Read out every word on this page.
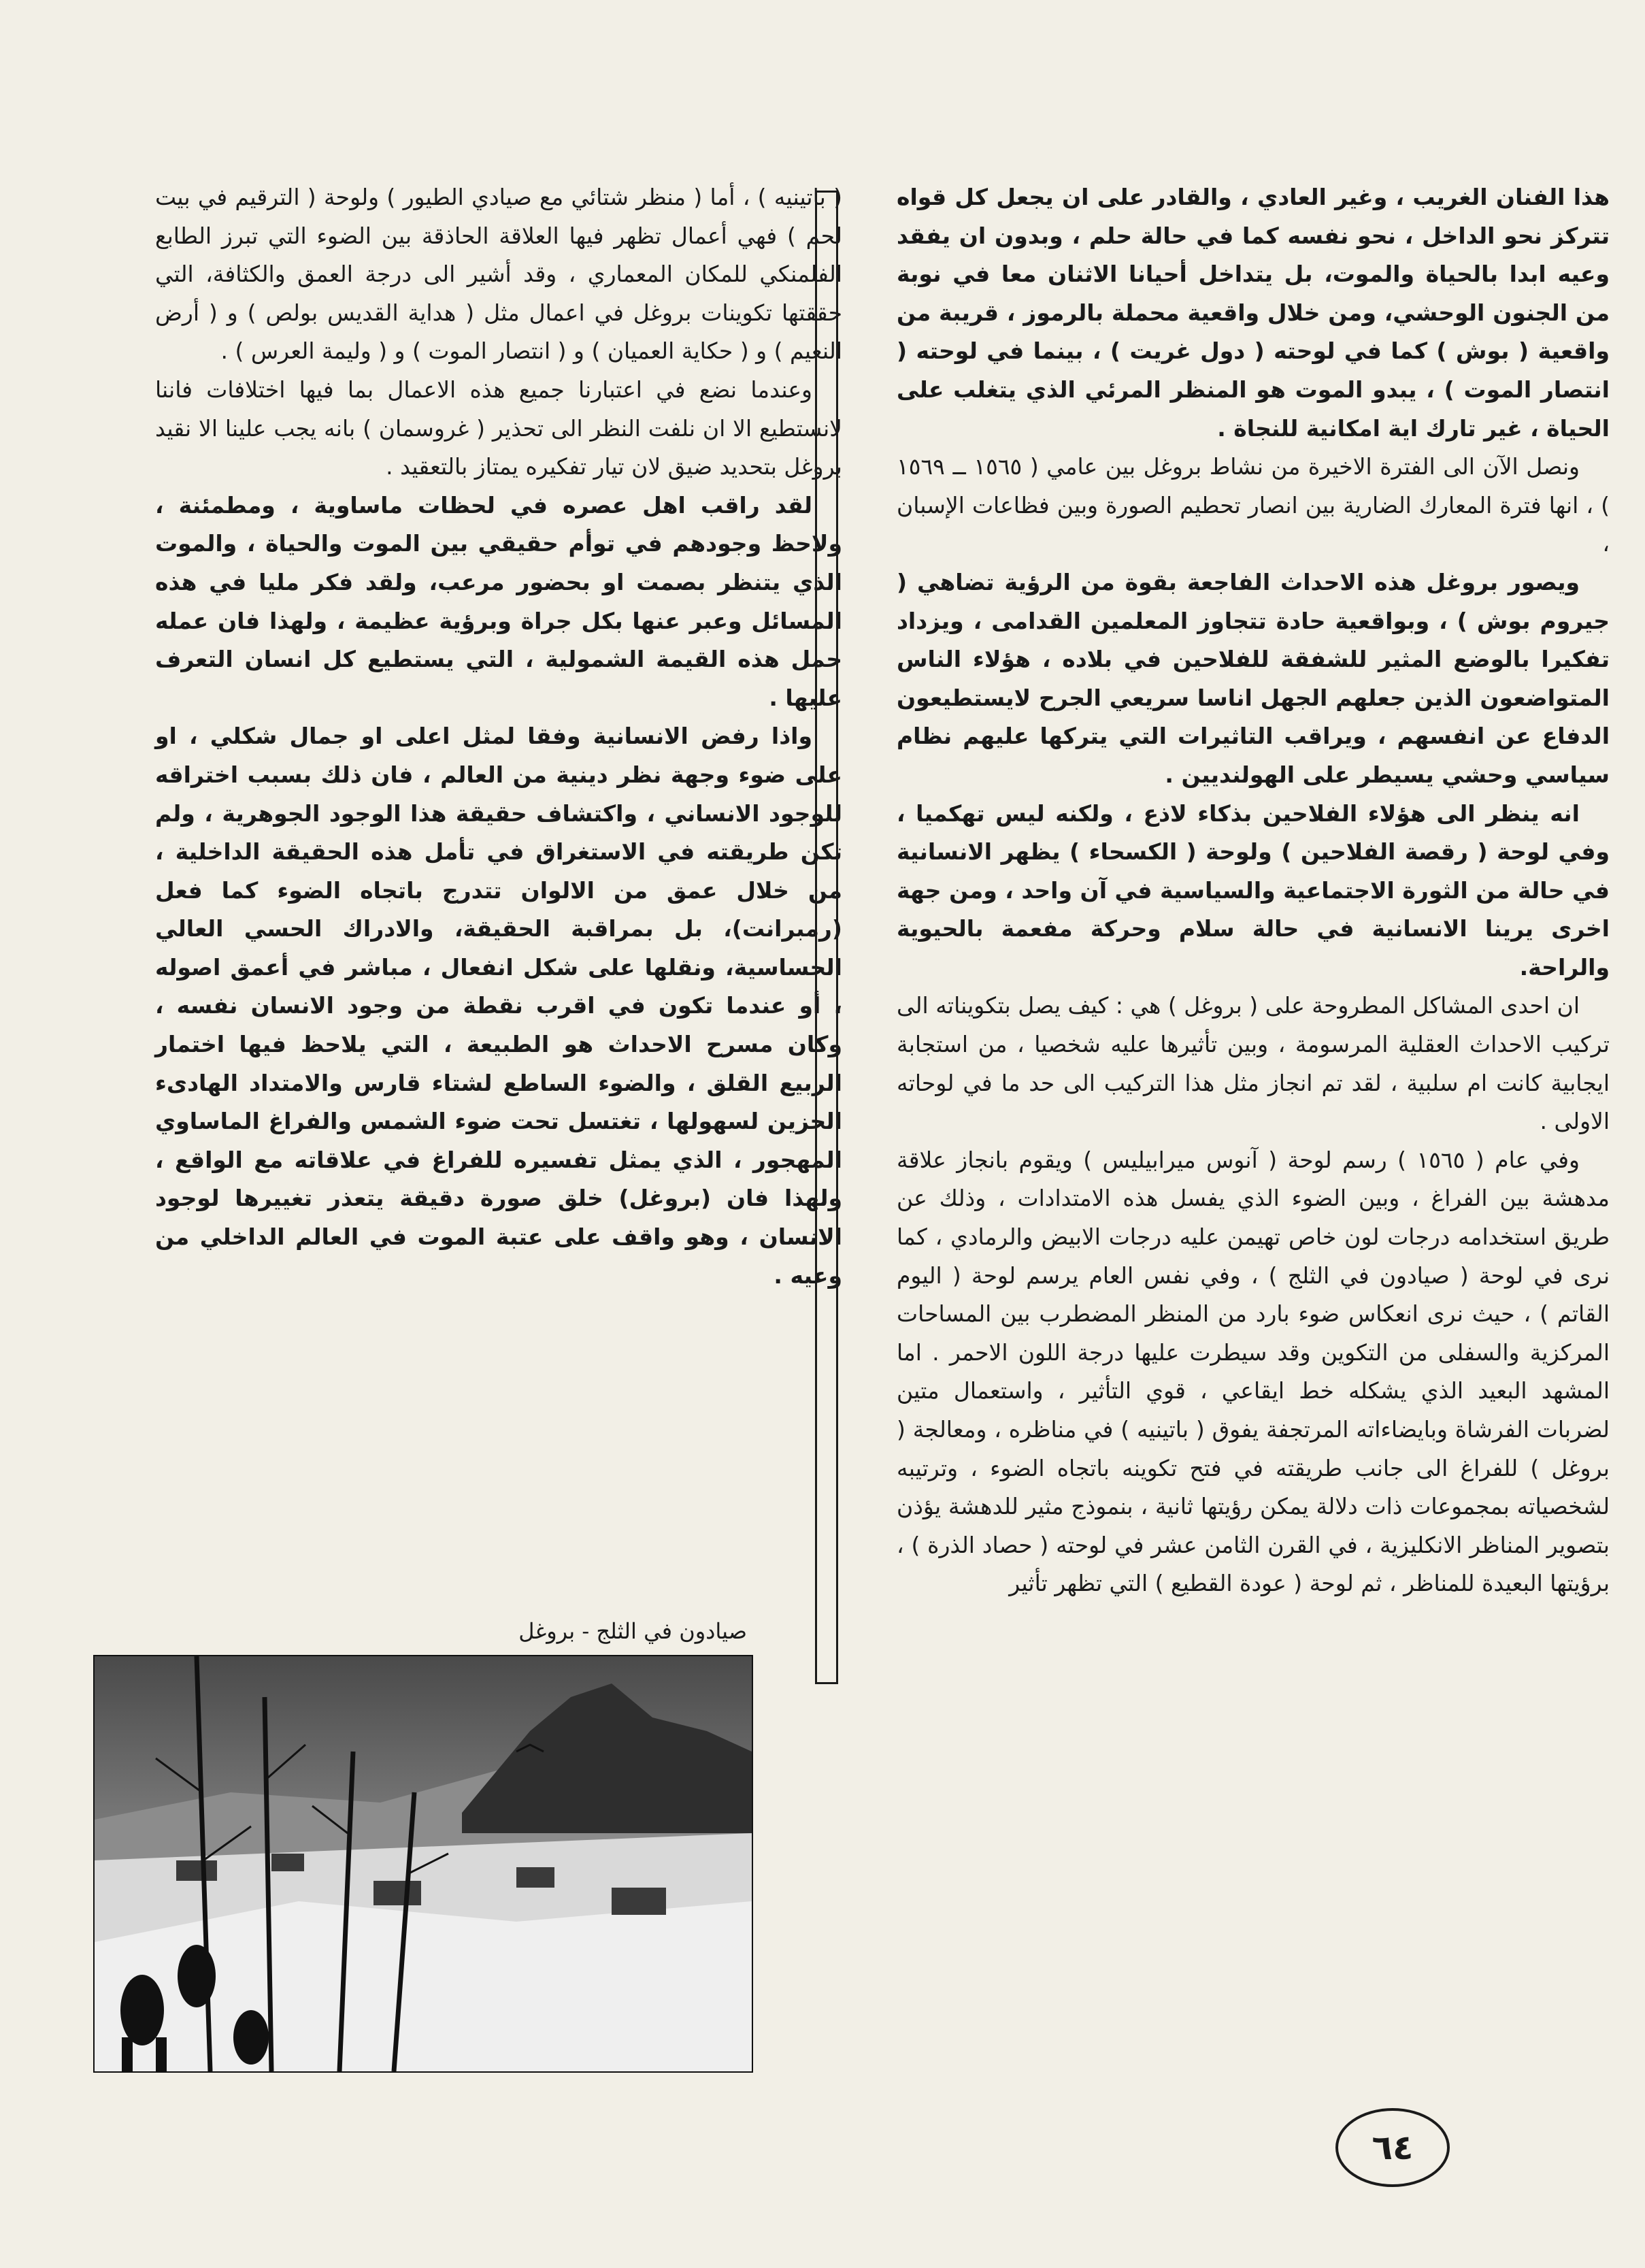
هذا الفنان الغريب ، وغير العادي ، والقادر على ان يجعل كل قواه تتركز نحو الداخل ، نحو نفسه كما في حالة حلم ، وبدون ان يفقد وعيه ابدا بالحياة والموت، بل يتداخل أحيانا الاثنان معا في نوبة من الجنون الوحشي، ومن خلال واقعية محملة بالرموز ، قريبة من واقعية ( بوش ) كما في لوحته ( دول غريت ) ، بينما في لوحته ( انتصار الموت ) ، يبدو الموت هو المنظر المرئي الذي يتغلب على الحياة ، غير تارك اية امكانية للنجاة .

ونصل الآن الى الفترة الاخيرة من نشاط بروغل بين عامي ( ١٥٦٥ ــ ١٥٦٩ ) ، انها فترة المعارك الضارية بين انصار تحطيم الصورة وبين فظاعات الإسبان ،

ويصور بروغل هذه الاحداث الفاجعة بقوة من الرؤية تضاهي ( جيروم بوش ) ، وبواقعية حادة تتجاوز المعلمين القدامى ، ويزداد تفكيرا بالوضع المثير للشفقة للفلاحين في بلاده ، هؤلاء الناس المتواضعون الذين جعلهم الجهل اناسا سريعي الجرح لايستطيعون الدفاع عن انفسهم ، ويراقب التاثيرات التي يتركها عليهم نظام سياسي وحشي يسيطر على الهولنديين .

انه ينظر الى هؤلاء الفلاحين بذكاء لاذع ، ولكنه ليس تهكميا ، وفي لوحة ( رقصة الفلاحين ) ولوحة ( الكسحاء ) يظهر الانسانية في حالة من الثورة الاجتماعية والسياسية في آن واحد ، ومن جهة اخرى يرينا الانسانية في حالة سلام وحركة مفعمة بالحيوية والراحة.

ان احدى المشاكل المطروحة على ( بروغل ) هي : كيف يصل بتكويناته الى تركيب الاحداث العقلية المرسومة ، وبين تأثيرها عليه شخصيا ، من استجابة ايجابية كانت ام سلبية ، لقد تم انجاز مثل هذا التركيب الى حد ما في لوحاته الاولى .

وفي عام ( ١٥٦٥ ) رسم لوحة ( آنوس ميرابيليس ) ويقوم بانجاز علاقة مدهشة بين الفراغ ، وبين الضوء الذي يفسل هذه الامتدادات ، وذلك عن طريق استخدامه درجات لون خاص تهيمن عليه درجات الابيض والرمادي ، كما نرى في لوحة ( صيادون في الثلج ) ، وفي نفس العام يرسم لوحة ( اليوم القاتم ) ، حيث نرى انعكاس ضوء بارد من المنظر المضطرب بين المساحات المركزية والسفلى من التكوين وقد سيطرت عليها درجة اللون الاحمر . اما المشهد البعيد الذي يشكله خط ايقاعي ، قوي التأثير ، واستعمال متين لضربات الفرشاة وبايضاءاته المرتجفة يفوق ( باتينيه ) في مناظره ، ومعالجة ( بروغل ) للفراغ الى جانب طريقته في فتح تكوينه باتجاه الضوء ، وترتيبه لشخصياته بمجموعات ذات دلالة يمكن رؤيتها ثانية ، بنموذج مثير للدهشة يؤذن بتصوير المناظر الانكليزية ، في القرن الثامن عشر في لوحته ( حصاد الذرة ) ، برؤيتها البعيدة للمناظر ، ثم لوحة ( عودة القطيع ) التي تظهر تأثير

( باتينيه ) ، أما ( منظر شتائي مع صيادي الطيور ) ولوحة ( الترقيم في بيت لحم ) فهي أعمال تظهر فيها العلاقة الحاذقة بين الضوء التي تبرز الطابع الفلمنكي للمكان المعماري ، وقد أشير الى درجة العمق والكثافة، التي حققتها تكوينات بروغل في اعمال مثل ( هداية القديس بولص ) و ( أرض النعيم ) و ( حكاية العميان ) و ( انتصار الموت ) و ( وليمة العرس ) .

وعندما نضع في اعتبارنا جميع هذه الاعمال بما فيها اختلافات فاننا لانستطيع الا ان نلفت النظر الى تحذير ( غروسمان ) بانه يجب علينا الا نقيد بروغل بتحديد ضيق لان تيار تفكيره يمتاز بالتعقيد .

لقد راقب اهل عصره في لحظات ماساوية ، ومطمئنة ، ولاحظ وجودهم في توأم حقيقي بين الموت والحياة ، والموت الذي يتنظر بصمت او بحضور مرعب، ولقد فكر مليا في هذه المسائل وعبر عنها بكل جراة وبرؤية عظيمة ، ولهذا فان عمله حمل هذه القيمة الشمولية ، التي يستطيع كل انسان التعرف عليها .

واذا رفض الانسانية وفقا لمثل اعلى او جمال شكلي ، او على ضوء وجهة نظر دينية من العالم ، فان ذلك بسبب اختراقه للوجود الانساني ، واكتشاف حقيقة هذا الوجود الجوهرية ، ولم تكن طريقته في الاستغراق في تأمل هذه الحقيقة الداخلية ، من خلال عمق من الالوان تتدرج باتجاه الضوء كما فعل (رمبرانت)، بل بمراقبة الحقيقة، والادراك الحسي العالي الحساسية، ونقلها على شكل انفعال ، مباشر في أعمق اصوله ، أو عندما تكون في اقرب نقطة من وجود الانسان نفسه ، وكان مسرح الاحداث هو الطبيعة ، التي يلاحظ فيها اختمار الربيع القلق ، والضوء الساطع لشتاء قارس والامتداد الهادىء الحزين لسهولها ، تغتسل تحت ضوء الشمس والفراغ الماساوي المهجور ، الذي يمثل تفسيره للفراغ في علاقاته مع الواقع ، ولهذا فان (بروغل) خلق صورة دقيقة يتعذر تغييرها لوجود الانسان ، وهو واقف على عتبة الموت في العالم الداخلي من وعيه .

صيادون في الثلج - بروغل
٦٤
